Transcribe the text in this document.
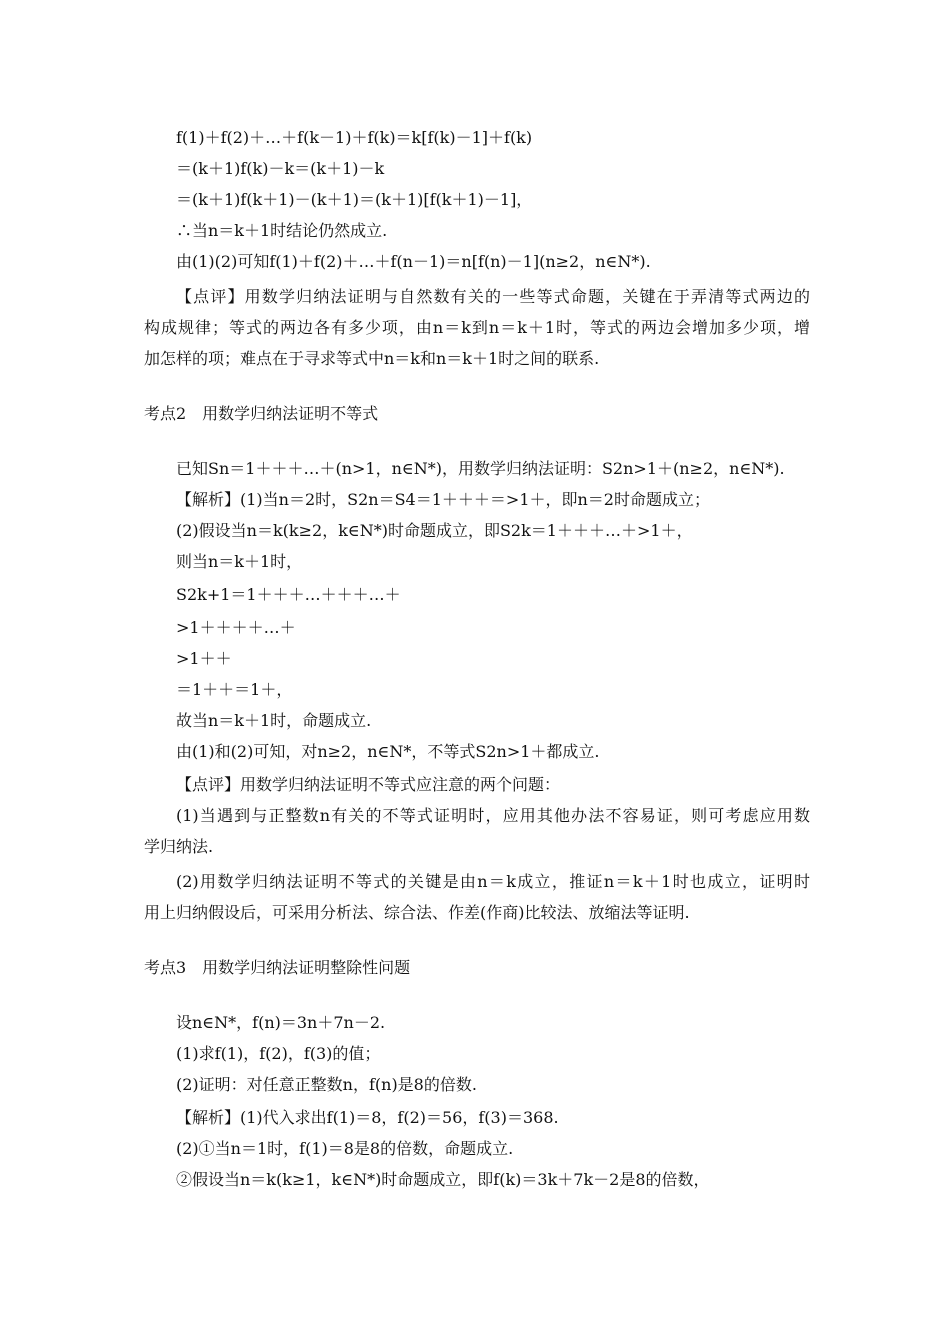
f(1)＋f(2)＋…＋f(k－1)＋f(k)＝k[f(k)－1]＋f(k)
＝(k＋1)f(k)－k＝(k＋1)－k
＝(k＋1)f(k＋1)－(k＋1)＝(k＋1)[f(k＋1)－1]，
∴当n＝k＋1时结论仍然成立.
由(1)(2)可知f(1)＋f(2)＋…＋f(n－1)＝n[f(n)－1](n≥2，n∈N*).
【点评】用数学归纳法证明与自然数有关的一些等式命题，关键在于弄清等式两边的
构成规律；等式的两边各有多少项，由n＝k到n＝k＋1时，等式的两边会增加多少项，增
加怎样的项；难点在于寻求等式中n＝k和n＝k＋1时之间的联系.
考点2　用数学归纳法证明不等式
已知Sn＝1＋＋＋…＋(n>1，n∈N*)，用数学归纳法证明：S2n>1＋(n≥2，n∈N*).
【解析】(1)当n＝2时，S2n＝S4＝1＋＋＋＝>1＋，即n＝2时命题成立；
(2)假设当n＝k(k≥2，k∈N*)时命题成立，即S2k＝1＋＋＋…＋>1＋，
则当n＝k＋1时，
S2k+1＝1＋＋＋…＋＋＋…＋
>1＋＋＋＋…＋
>1＋＋
＝1＋＋＝1＋，
故当n＝k＋1时，命题成立.
由(1)和(2)可知，对n≥2，n∈N*，不等式S2n>1＋都成立.
【点评】用数学归纳法证明不等式应注意的两个问题：
(1)当遇到与正整数n有关的不等式证明时，应用其他办法不容易证，则可考虑应用数
学归纳法.
(2)用数学归纳法证明不等式的关键是由n＝k成立，推证n＝k＋1时也成立，证明时
用上归纳假设后，可采用分析法、综合法、作差(作商)比较法、放缩法等证明.
考点3　用数学归纳法证明整除性问题
设n∈N*，f(n)＝3n＋7n－2.
(1)求f(1)，f(2)，f(3)的值；
(2)证明：对任意正整数n，f(n)是8的倍数.
【解析】(1)代入求出f(1)＝8，f(2)＝56，f(3)＝368.
(2)①当n＝1时，f(1)＝8是8的倍数，命题成立.
②假设当n＝k(k≥1，k∈N*)时命题成立，即f(k)＝3k＋7k－2是8的倍数，
